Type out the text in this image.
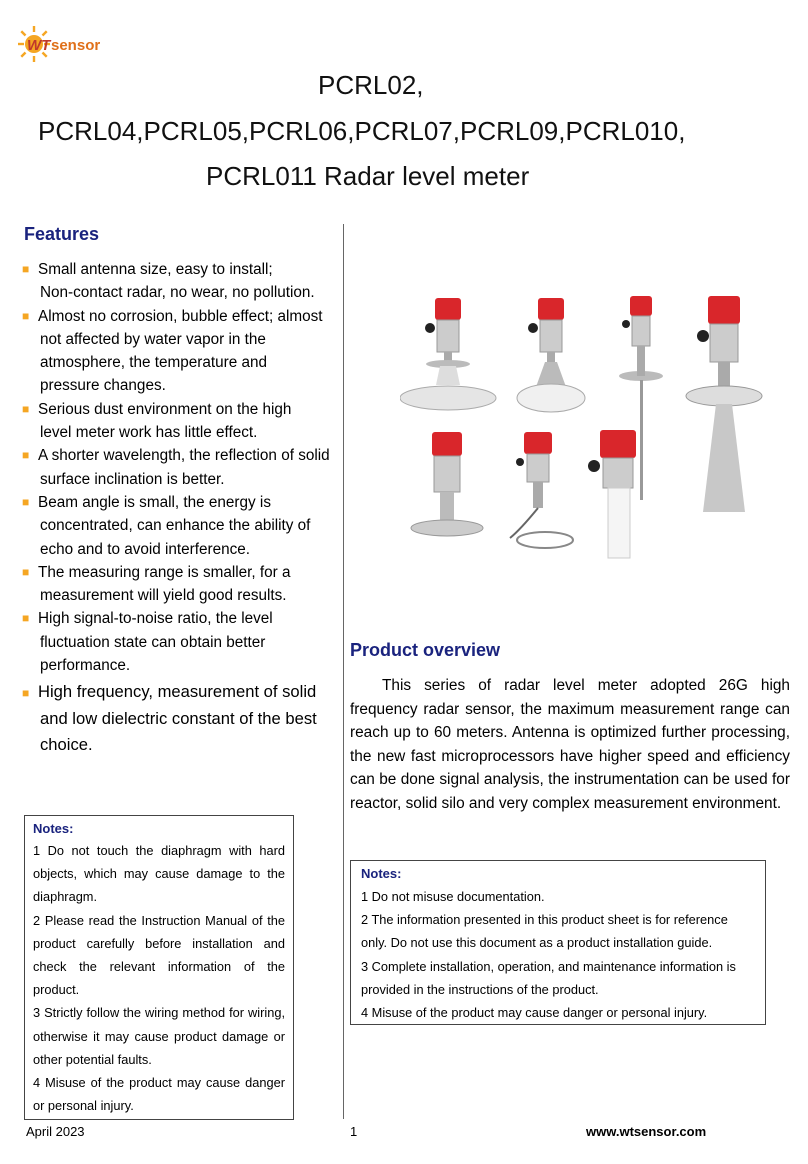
WT sensor
PCRL02,
PCRL04,PCRL05,PCRL06,PCRL07,PCRL09,PCRL010,
PCRL011 Radar level meter
Features
■ Small antenna size, easy to install;
Non-contact radar, no wear, no pollution.
■ Almost no corrosion, bubble effect; almost
not affected by water vapor in the
atmosphere, the temperature and
pressure changes.
■ Serious dust environment on the high
level meter work has little effect.
■ A shorter wavelength, the reflection of solid
surface inclination is better.
■ Beam angle is small, the energy is
concentrated, can enhance the ability of
echo and to avoid interference.
■ The measuring range is smaller, for a
measurement will yield good results.
■ High signal-to-noise ratio, the level
fluctuation state can obtain better
performance.
■ High frequency, measurement of solid
and low dielectric constant of the best
choice.
Product overview

This series of radar level meter adopted 26G high frequency radar sensor, the maximum measurement range can reach up to 60 meters. Antenna is optimized further processing, the new fast microprocessors have higher speed and efficiency can be done signal analysis, the instrumentation can be used for reactor, solid silo and very complex measurement environment.

Notes:

1 Do not touch the diaphragm with hard objects, which may cause damage to the diaphragm.

2 Please read the Instruction Manual of the product carefully before installation and check the relevant information of the product.

3 Strictly follow the wiring method for wiring, otherwise it may cause product damage or other potential faults.

4 Misuse of the product may cause danger or personal injury.

Notes:

1 Do not misuse documentation.

2 The information presented in this product sheet is for reference only. Do not use this document as a product installation guide.

3 Complete installation, operation, and maintenance information is provided in the instructions of the product.

4 Misuse of the product may cause danger or personal injury.

April 2023	1	www.wtsensor.com
